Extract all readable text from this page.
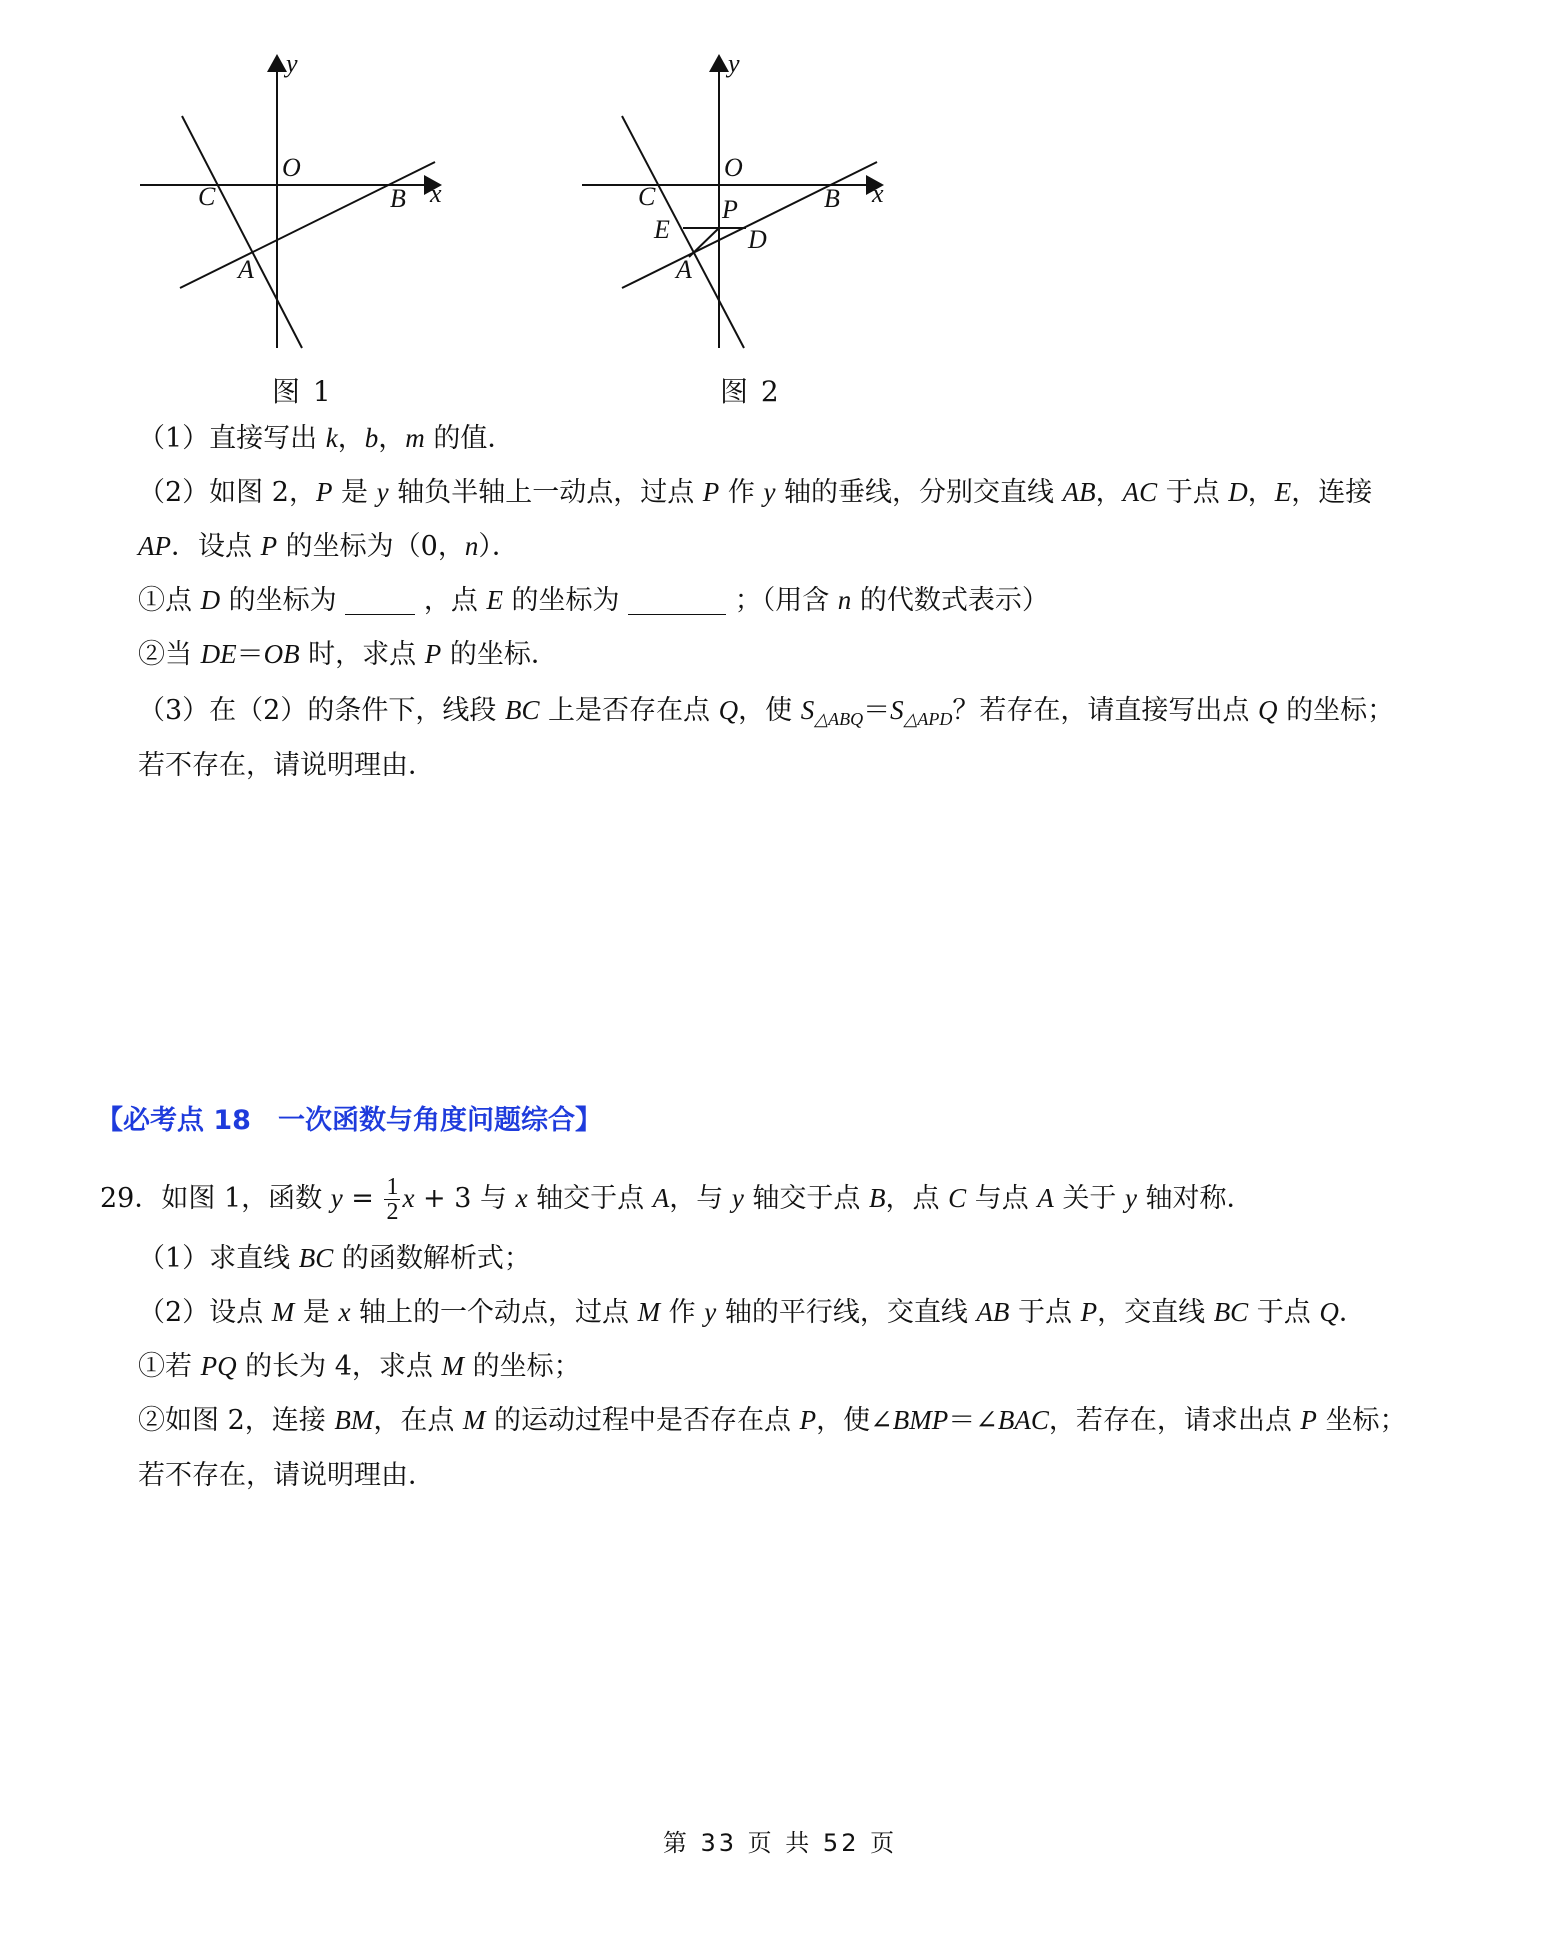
y
x
O
C	B
A
图 1
y
x
O
C	B
P
E	D
A
图 2
（1）直接写出 k，b，m 的值．
（2）如图 2，P 是 y 轴负半轴上一动点，过点 P 作 y 轴的垂线，分别交直线 AB，AC 于点 D，E，连接
AP．设点 P 的坐标为（0，n）．
①点 D 的坐标为	，点 E 的坐标为	；（用含 n 的代数式表示）
②当 DE＝OB 时，求点 P 的坐标．
（3）在（2）的条件下，线段 BC 上是否存在点 Q，使 $S_{\triangle ABQ}=S_{\triangle APD}$？若存在，请直接写出点 Q 的坐标；
若不存在，请说明理由．
【必考点 18　一次函数与角度问题综合】
29．如图 1，函数 $y = \frac{1}{2}$ x + 3 与 x 轴交于点 A，与 y 轴交于点 B，点 C 与点 A 关于 y 轴对称．
（1）求直线 BC 的函数解析式；
（2）设点 M 是 x 轴上的一个动点，过点 M 作 y 轴的平行线，交直线 AB 于点 P，交直线 BC 于点 Q．
①若 PQ 的长为 4，求点 M 的坐标；
②如图 2，连接 BM，在点 M 的运动过程中是否存在点 P，使∠BMP＝∠BAC，若存在，请求出点 P 坐标；
若不存在，请说明理由．
第 33 页 共 52 页
